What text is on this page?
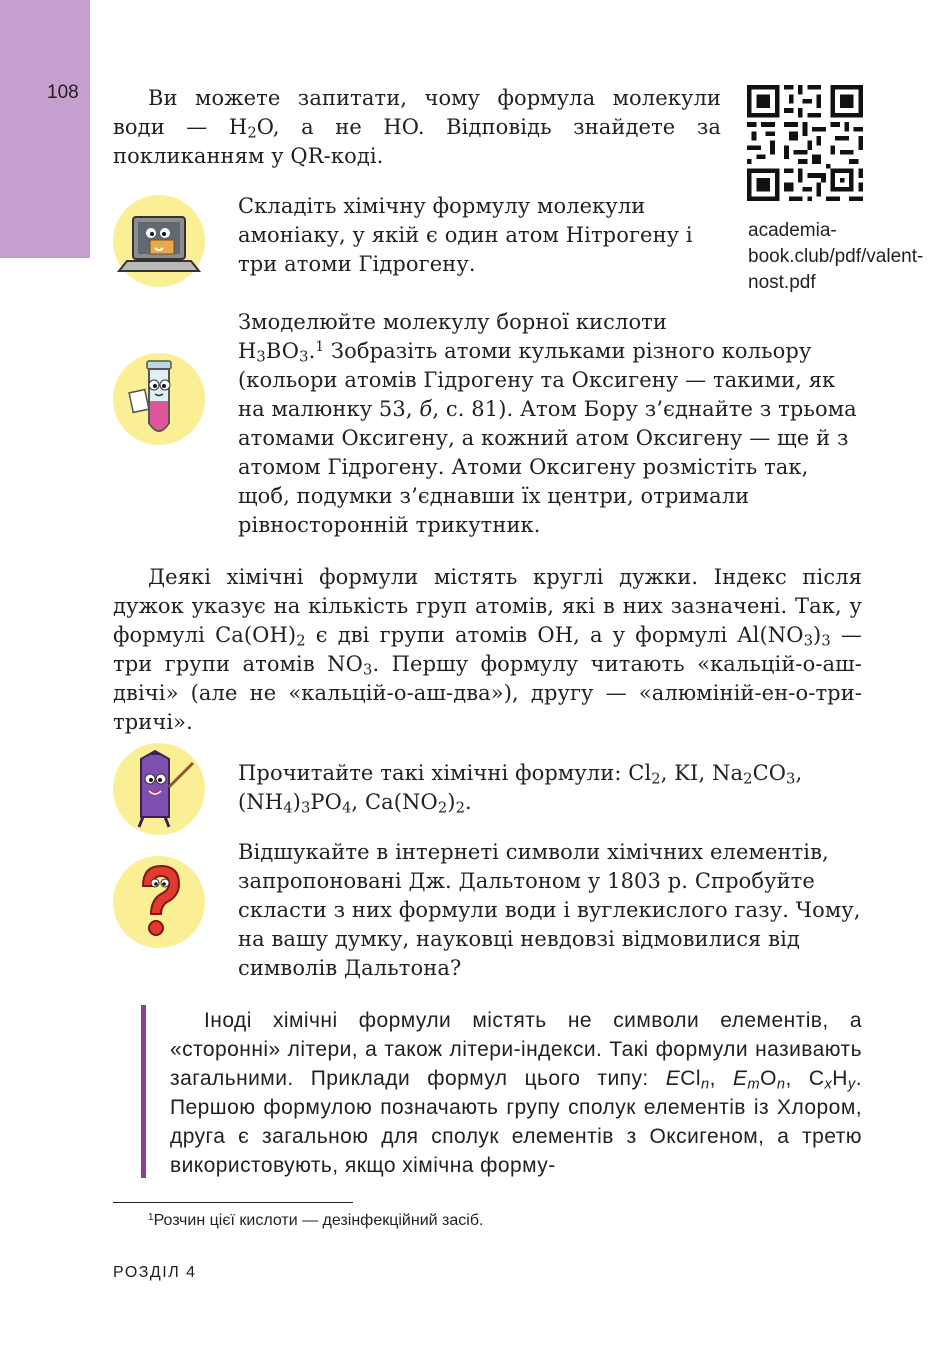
108	Ви можете запитати, чому формула молекули води — $H_2O$, а не HO. Відповідь знайдете за покликанням у QR-коді.

academia-book.club/pdf/valent-nost.pdf

Складіть хімічну формулу молекули амоніаку, у якій є один атом Нітрогену і три атоми Гідрогену.

Змоделюйте молекулу борної кислоти

$H_3BO_3.^1$ Зобразіть атоми кульками різного кольору (кольори атомів Гідрогену та Оксигену — такими, як на малюнку 53, б, с. 81). Атом Бору з’єднайте з трьома атомами Оксигену, а кожний атом Оксигену — ще й з атомом Гідрогену. Атоми Оксигену розмістіть так, щоб, подумки з’єднавши їх центри, отримали рівносторонній трикутник.

Деякі хімічні формули містять круглі дужки. Індекс після дужок указує на кількість груп атомів, які в них зазначені. Так, у формулі $Ca(OH)_2$ є дві групи атомів OH, а у формулі $Al(NO_3)_3$ — три групи атомів $NO_3$. Першу формулу читають «кальцій-о-аш-двічі» (але не «кальцій-о-аш-два»), другу — «алюміній-ен-о-три-тричі».

Прочитайте такі хімічні формули: $Cl_2$, KI, $Na_2CO_3$, $(NH_4)_3PO_4$, $Ca(NO_2)_2$.

Відшукайте в інтернеті символи хімічних елементів, запропоновані Дж. Дальтоном у 1803 р. Спробуйте скласти з них формули води і вуглекислого газу. Чому, на вашу думку, науковці невдовзі відмовилися від символів Дальтона?

Іноді хімічні формули містять не символи елементів, а «сторонні» літери, а також літери-індекси. Такі формули називають загальними. Приклади формул цього типу: ECl$_n$, $E_mO_n$, $C_xH_y$. Першою формулою позначають групу сполук елементів із Хлором, друга є загальною для сполук елементів з Оксигеном, а третю використовують, якщо хімічна форму-

$^1$Розчин цієї кислоти — дезінфекційний засіб.

РОЗДІЛ 4
